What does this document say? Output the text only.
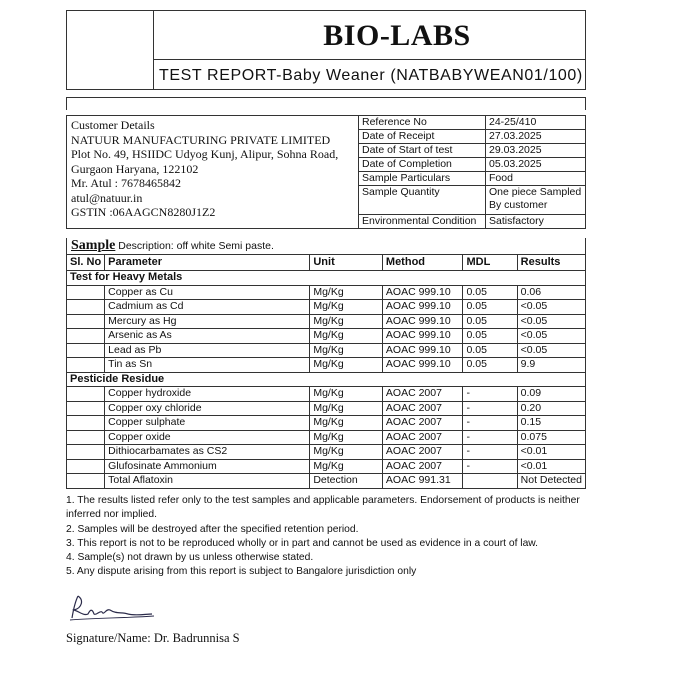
BIO-LABS
TEST REPORT-Baby Weaner (NATBABYWEAN01/100)
Customer Details
NATUUR MANUFACTURING PRIVATE LIMITED
Plot No. 49, HSIIDC Udyog Kunj, Alipur, Sohna Road,
Gurgaon Haryana, 122102
Mr. Atul : 7678465842
atul@natuur.in
GSTIN :06AAGCN8280J1Z2

Reference No	24-25/410
Date of Receipt	27.03.2025
Date of Start of test	29.03.2025
Date of Completion	05.03.2025
Sample Particulars	Food
Sample Quantity	One piece Sampled By customer
Environmental Condition	Satisfactory
Sample Description: off white Semi paste.
Sl. No	Parameter	Unit	Method	MDL	Results
Test for Heavy Metals					
	Copper as Cu	Mg/Kg	AOAC 999.10	0.05	0.06
	Cadmium as Cd	Mg/Kg	AOAC 999.10	0.05	<0.05
	Mercury as Hg	Mg/Kg	AOAC 999.10	0.05	<0.05
	Arsenic as As	Mg/Kg	AOAC 999.10	0.05	<0.05
	Lead as Pb	Mg/Kg	AOAC 999.10	0.05	<0.05
	Tin as Sn	Mg/Kg	AOAC 999.10	0.05	9.9
Pesticide Residue					
	Copper hydroxide	Mg/Kg	AOAC 2007	-	0.09
	Copper oxy chloride	Mg/Kg	AOAC 2007	-	0.20
	Copper sulphate	Mg/Kg	AOAC 2007	-	0.15
	Copper oxide	Mg/Kg	AOAC 2007	-	0.075
	Dithiocarbamates as CS2	Mg/Kg	AOAC 2007	-	<0.01
	Glufosinate Ammonium	Mg/Kg	AOAC 2007	-	<0.01
	Total Aflatoxin	Detection	AOAC 991.31		Not Detected

1. The results listed refer only to the test samples and applicable parameters. Endorsement of products is neither inferred nor implied.

2. Samples will be destroyed after the specified retention period.

3. This report is not to be reproduced wholly or in part and cannot be used as evidence in a court of law.

4. Sample(s) not drawn by us unless otherwise stated.

5. Any dispute arising from this report is subject to Bangalore jurisdiction only

Signature/Name: Dr. Badrunnisa S
